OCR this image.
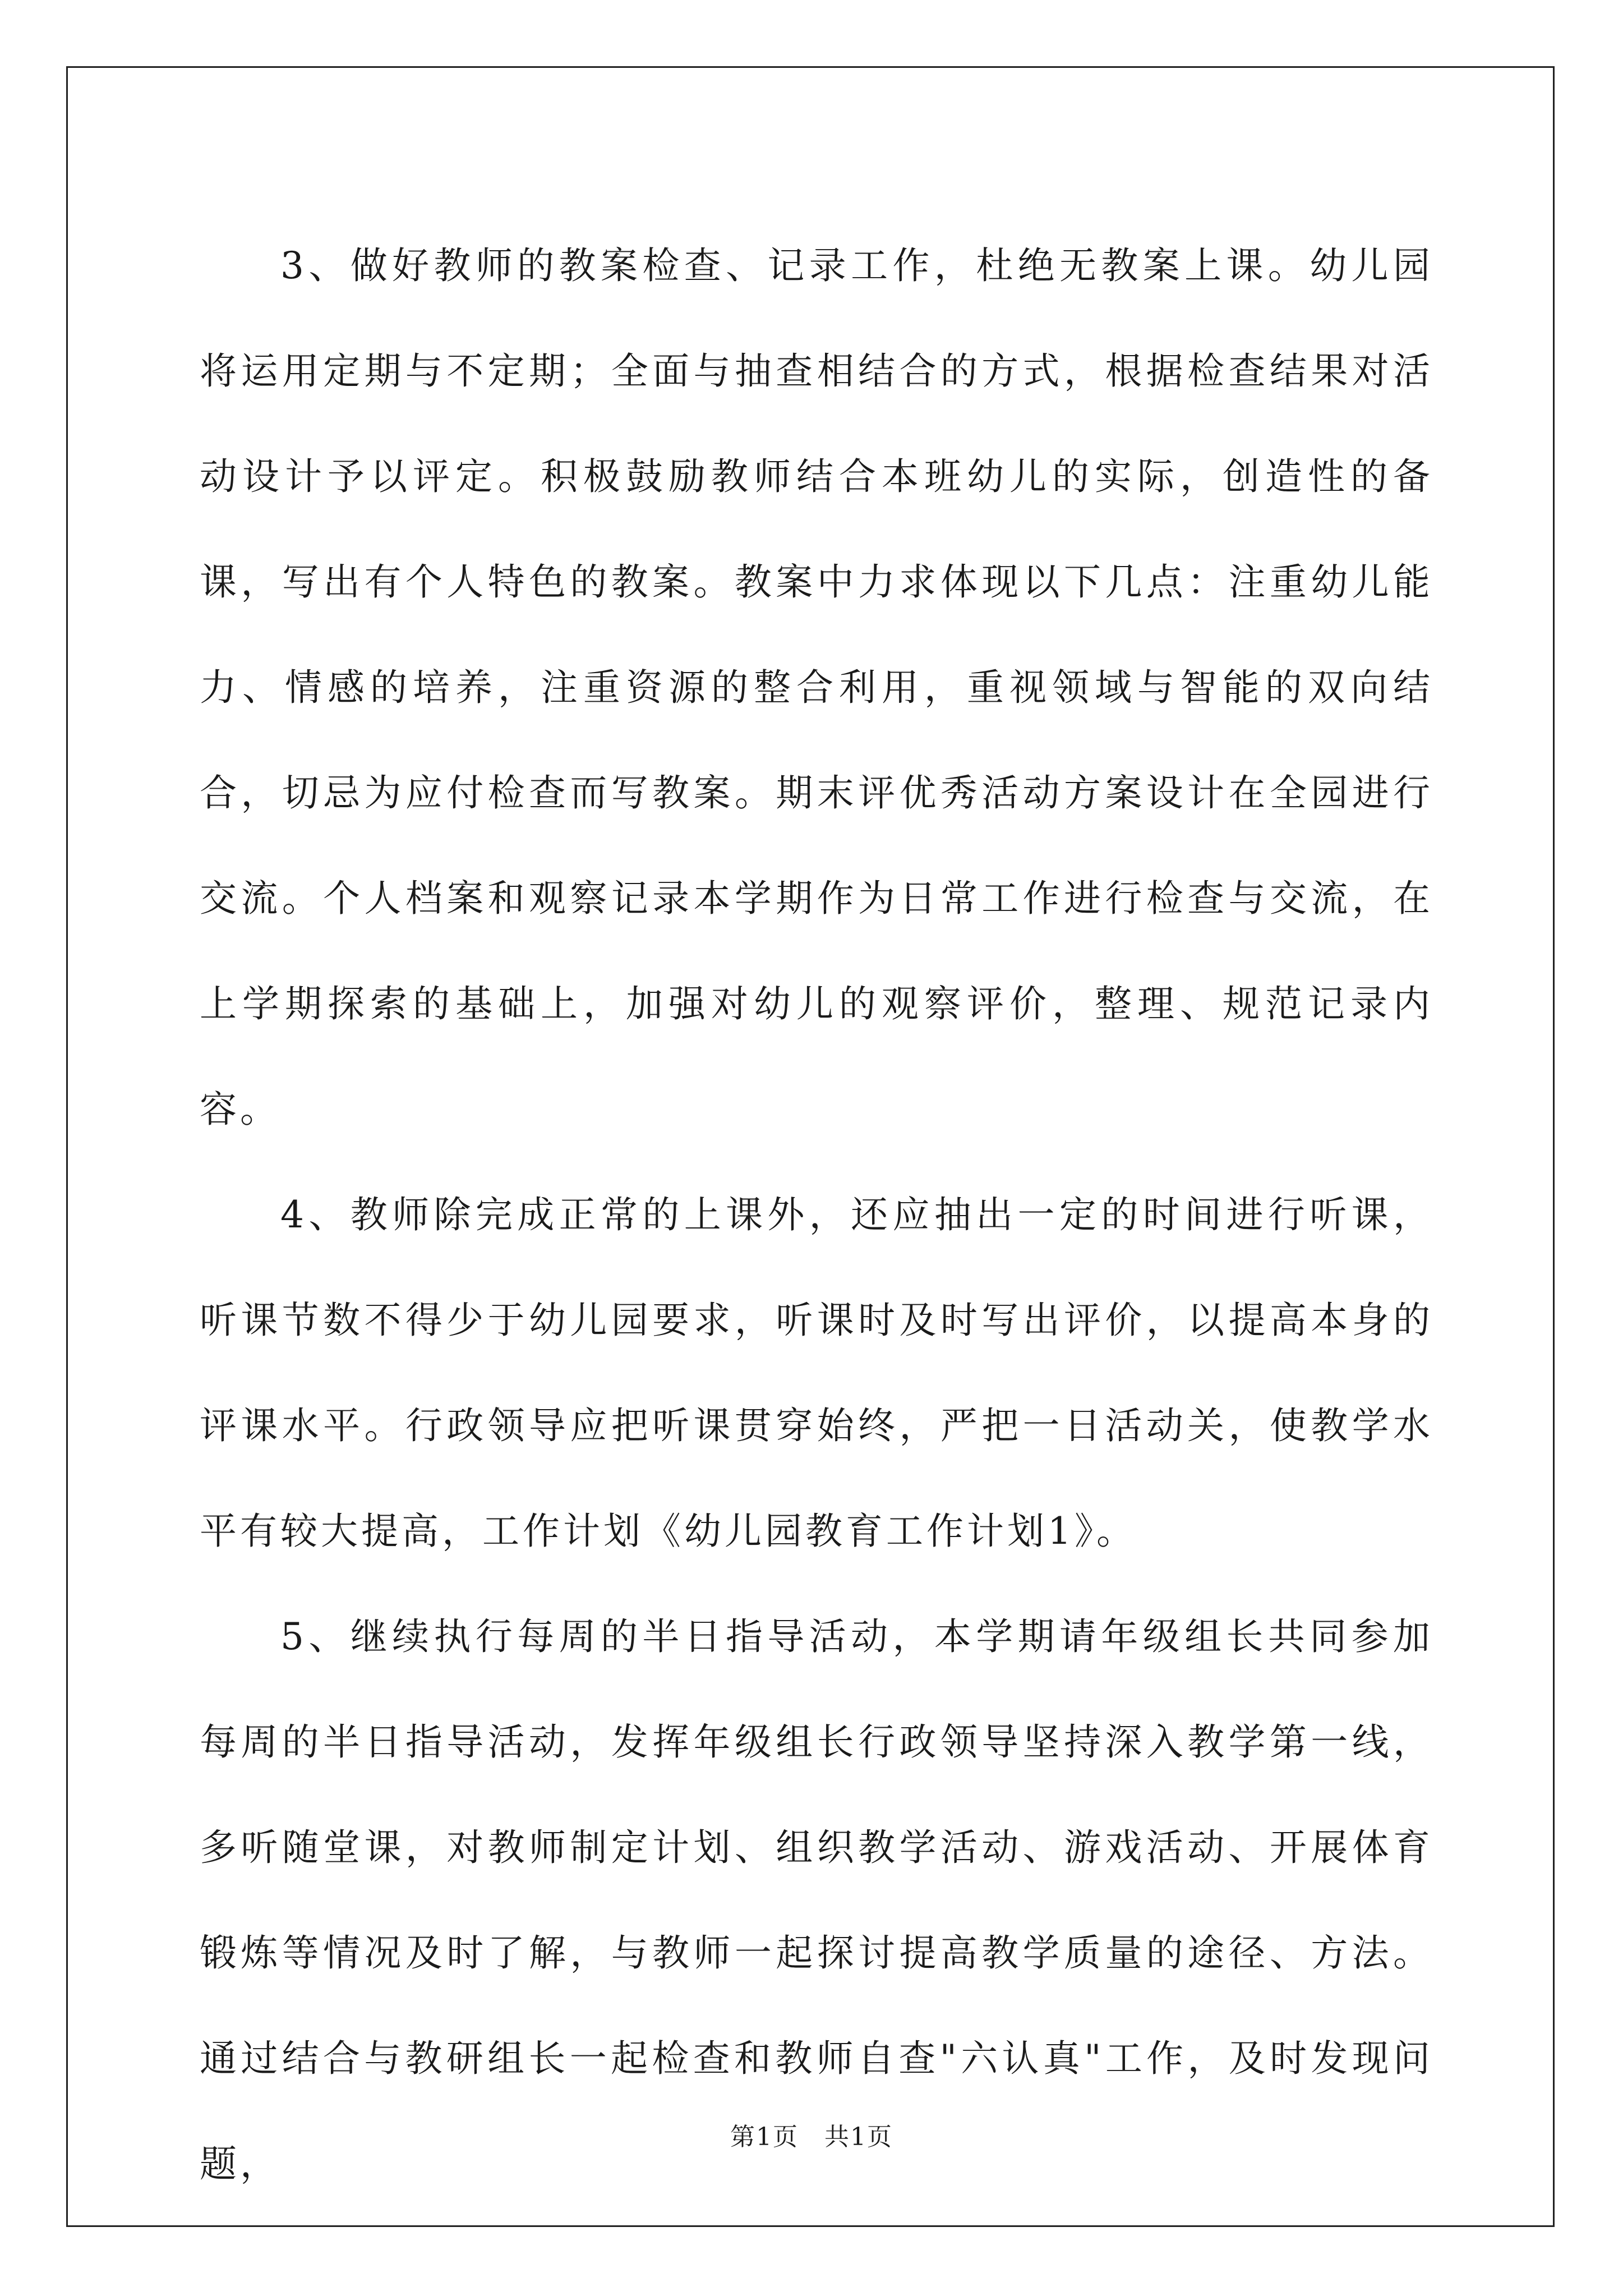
3、做好教师的教案检查、记录工作，杜绝无教案上课。幼儿园将运用定期与不定期；全面与抽查相结合的方式，根据检查结果对活动设计予以评定。积极鼓励教师结合本班幼儿的实际，创造性的备课，写出有个人特色的教案。教案中力求体现以下几点：注重幼儿能力、情感的培养，注重资源的整合利用，重视领域与智能的双向结合，切忌为应付检查而写教案。期末评优秀活动方案设计在全园进行交流。个人档案和观察记录本学期作为日常工作进行检查与交流，在上学期探索的基础上，加强对幼儿的观察评价，整理、规范记录内容。

4、教师除完成正常的上课外，还应抽出一定的时间进行听课，听课节数不得少于幼儿园要求，听课时及时写出评价，以提高本身的评课水平。行政领导应把听课贯穿始终，严把一日活动关，使教学水平有较大提高，工作计划《幼儿园教育工作计划1》。

5、继续执行每周的半日指导活动，本学期请年级组长共同参加每周的半日指导活动，发挥年级组长行政领导坚持深入教学第一线，多听随堂课，对教师制定计划、组织教学活动、游戏活动、开展体育锻炼等情况及时了解，与教师一起探讨提高教学质量的途径、方法。通过结合与教研组长一起检查和教师自查"六认真"工作，及时发现问题，

第1页　共1页
